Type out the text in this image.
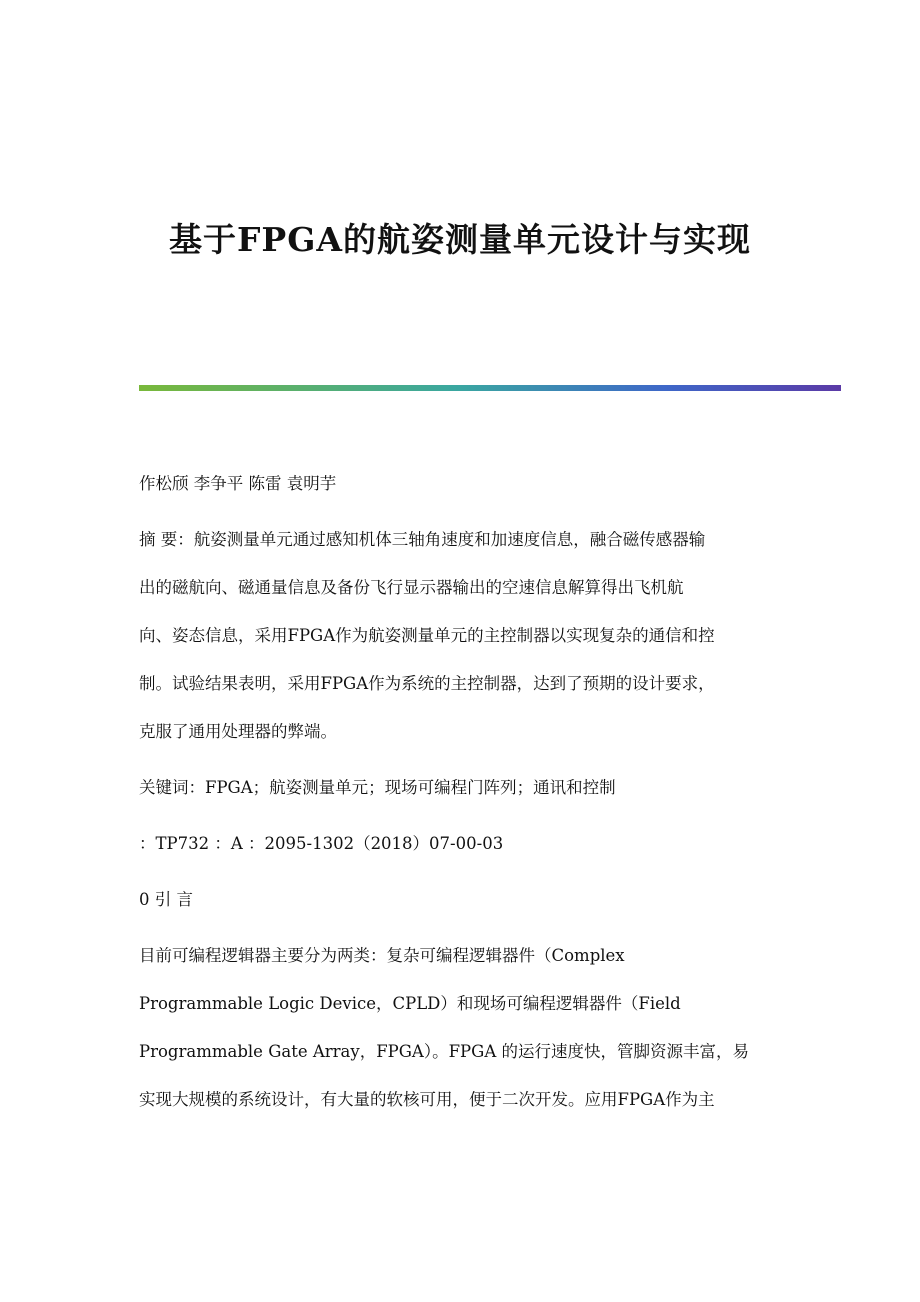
基于FPGA的航姿测量单元设计与实现

作松颀 李争平 陈雷 袁明芋

摘 要：航姿测量单元通过感知机体三轴角速度和加速度信息，融合磁传感器输

出的磁航向、磁通量信息及备份飞行显示器输出的空速信息解算得出飞机航

向、姿态信息，采用FPGA作为航姿测量单元的主控制器以实现复杂的通信和控

制。试验结果表明，采用FPGA作为系统的主控制器，达到了预期的设计要求，

克服了通用处理器的弊端。

关键词：FPGA；航姿测量单元；现场可编程门阵列；通讯和控制

：TP732 ：A ：2095-1302（2018）07-00-03

0 引 言

目前可编程逻辑器主要分为两类：复杂可编程逻辑器件（Complex

Programmable Logic Device，CPLD）和现场可编程逻辑器件（Field

Programmable Gate Array，FPGA）。FPGA 的运行速度快，管脚资源丰富，易

实现大规模的系统设计，有大量的软核可用，便于二次开发。应用FPGA作为主
